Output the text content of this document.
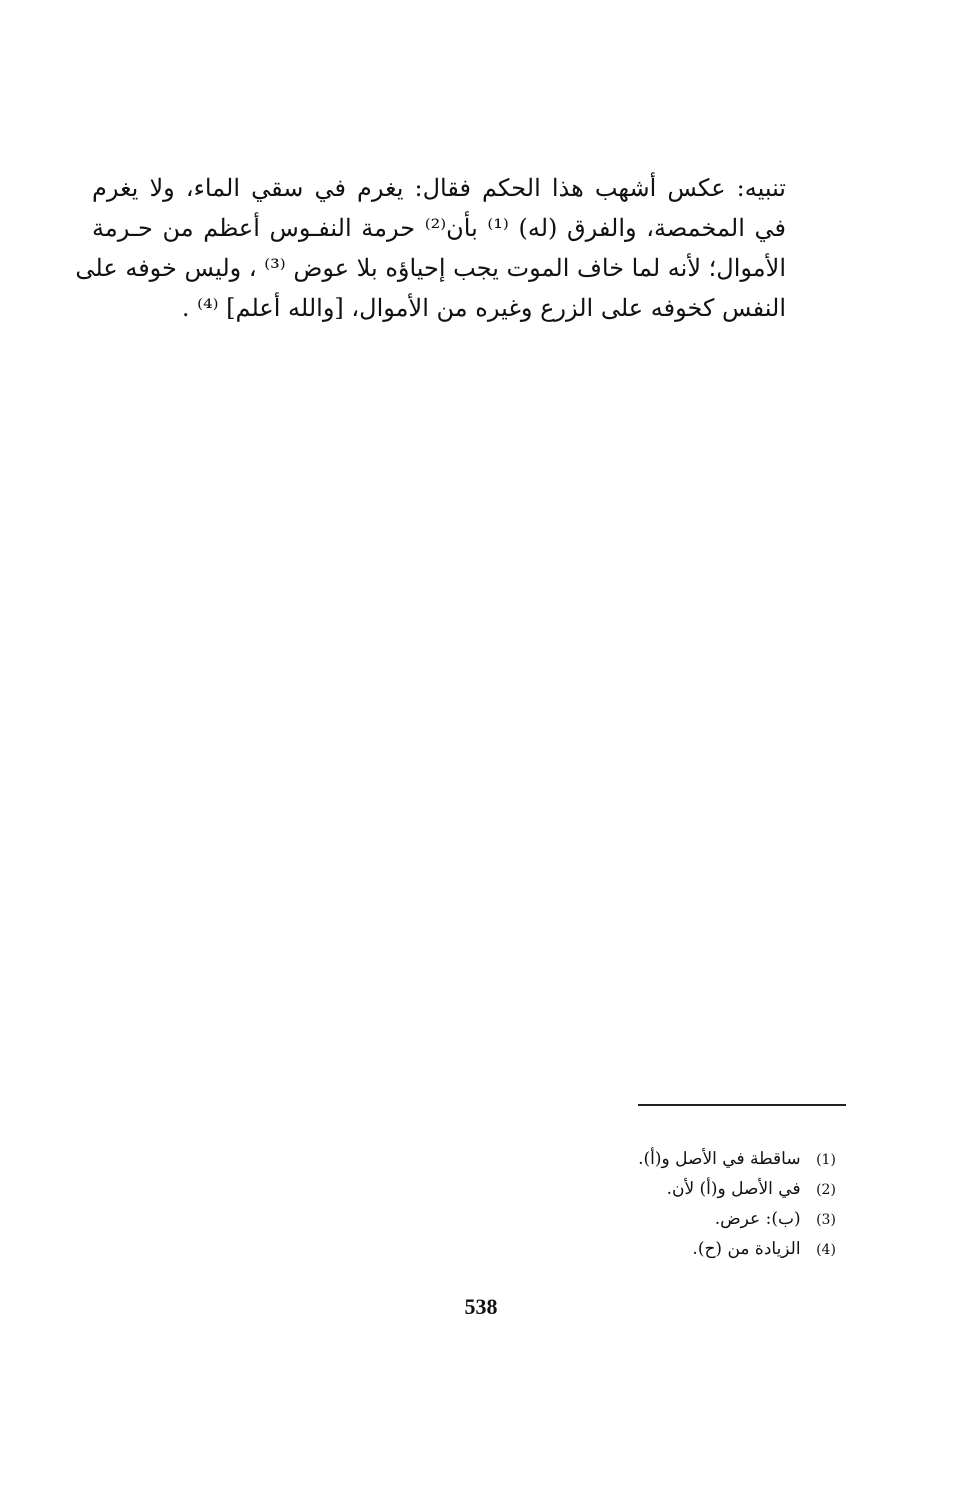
تنبيه: عكس أشهب هذا الحكم فقال: يغرم في سقي الماء، ولا يغرم
في المخمصة، والفرق (له) ⁽¹⁾ بأن⁽²⁾ حرمة النفـوس أعظم من حـرمة
الأموال؛ لأنه لما خاف الموت يجب إحياؤه بلا عوض ⁽³⁾ ، وليس خوفه على
النفس كخوفه على الزرع وغيره من الأموال، [والله أعلم] ⁽⁴⁾ .
(1) ساقطة في الأصل و(أ).
(2) في الأصل و(أ) لأن.
(3) (ب): عرض.
(4) الزيادة من (ح).
538
